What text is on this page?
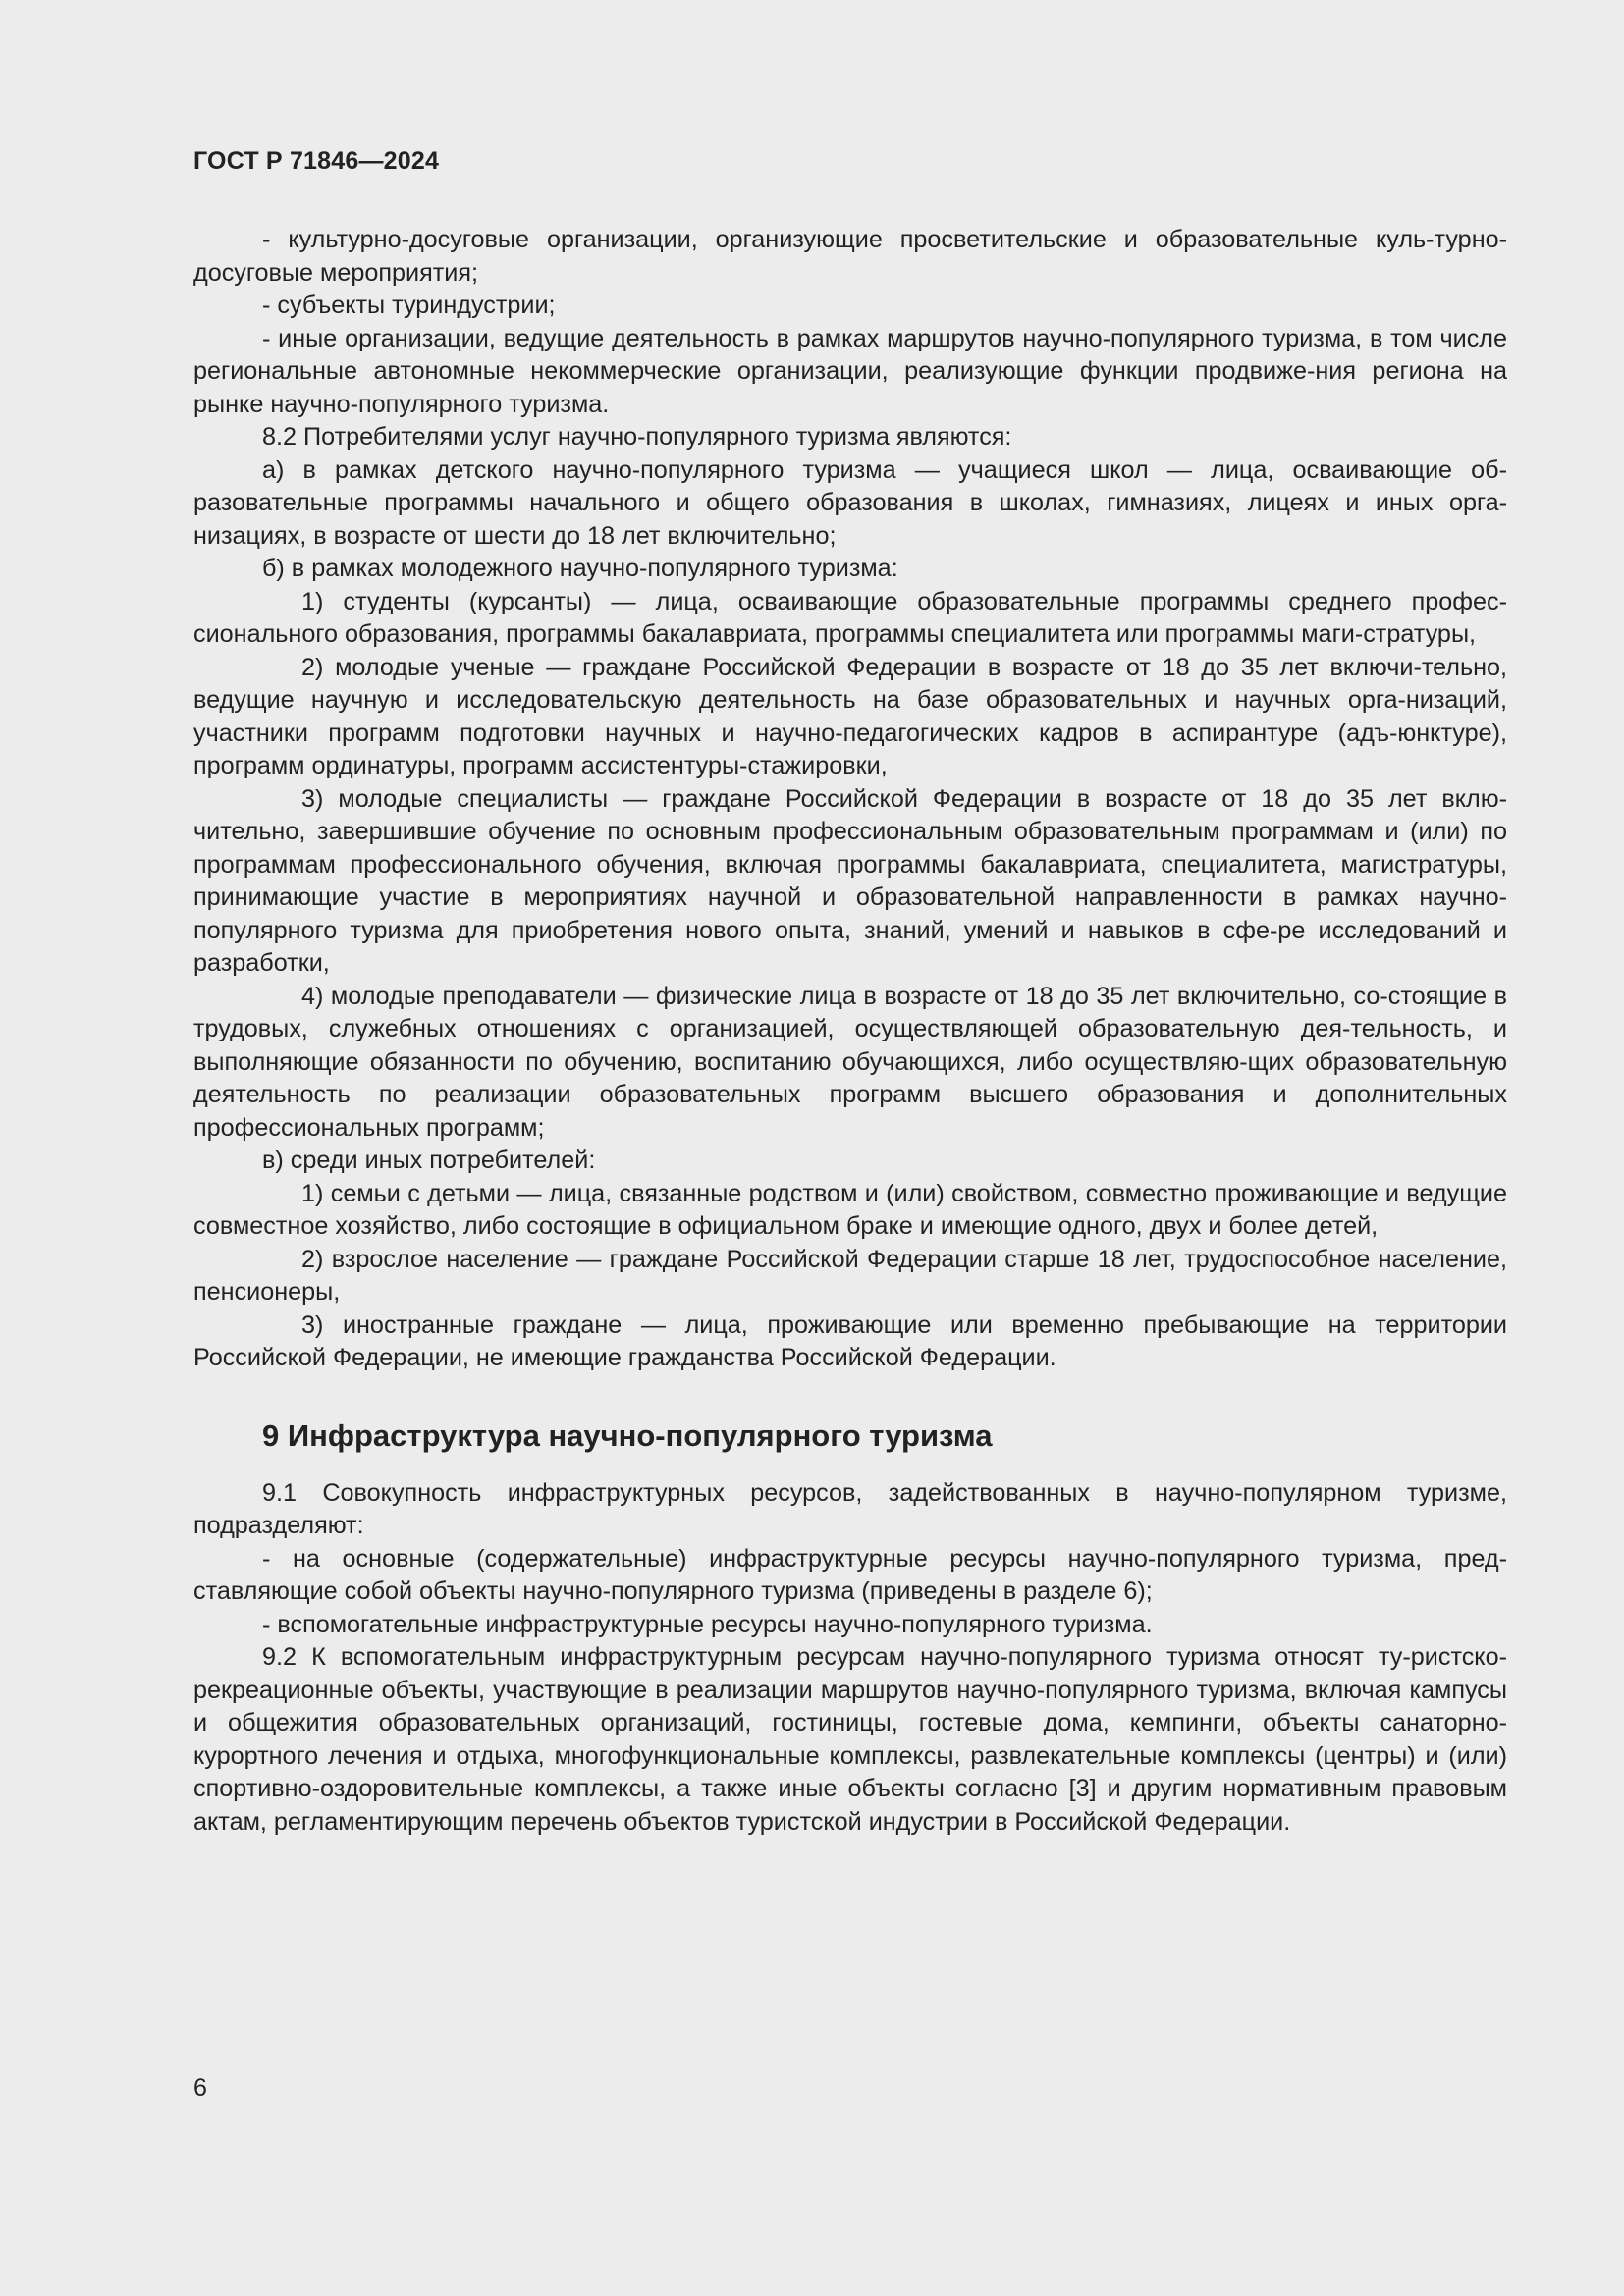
ГОСТ Р 71846—2024

- культурно-досуговые организации, организующие просветительские и образовательные куль-турно-досуговые мероприятия;

- субъекты туриндустрии;

- иные организации, ведущие деятельность в рамках маршрутов научно-популярного туризма, в том числе региональные автономные некоммерческие организации, реализующие функции продвиже-ния региона на рынке научно-популярного туризма.

8.2 Потребителями услуг научно-популярного туризма являются:

а) в рамках детского научно-популярного туризма — учащиеся школ — лица, осваивающие об-разовательные программы начального и общего образования в школах, гимназиях, лицеях и иных орга-низациях, в возрасте от шести до 18 лет включительно;

б) в рамках молодежного научно-популярного туризма:

1) студенты (курсанты) — лица, осваивающие образовательные программы среднего профес-сионального образования, программы бакалавриата, программы специалитета или программы маги-стратуры,

2) молодые ученые — граждане Российской Федерации в возрасте от 18 до 35 лет включи-тельно, ведущие научную и исследовательскую деятельность на базе образовательных и научных орга-низаций, участники программ подготовки научных и научно-педагогических кадров в аспирантуре (адъ-юнктуре), программ ординатуры, программ ассистентуры-стажировки,

3) молодые специалисты — граждане Российской Федерации в возрасте от 18 до 35 лет вклю-чительно, завершившие обучение по основным профессиональным образовательным программам и (или) по программам профессионального обучения, включая программы бакалавриата, специалитета, магистратуры, принимающие участие в мероприятиях научной и образовательной направленности в рамках научно-популярного туризма для приобретения нового опыта, знаний, умений и навыков в сфе-ре исследований и разработки,

4) молодые преподаватели — физические лица в возрасте от 18 до 35 лет включительно, со-стоящие в трудовых, служебных отношениях с организацией, осуществляющей образовательную дея-тельность, и выполняющие обязанности по обучению, воспитанию обучающихся, либо осуществляю-щих образовательную деятельность по реализации образовательных программ высшего образования и дополнительных профессиональных программ;

в) среди иных потребителей:

1) семьи с детьми — лица, связанные родством и (или) свойством, совместно проживающие и ведущие совместное хозяйство, либо состоящие в официальном браке и имеющие одного, двух и более детей,

2) взрослое население — граждане Российской Федерации старше 18 лет, трудоспособное население, пенсионеры,

3) иностранные граждане — лица, проживающие или временно пребывающие на территории Российской Федерации, не имеющие гражданства Российской Федерации.

9 Инфраструктура научно-популярного туризма

9.1 Совокупность инфраструктурных ресурсов, задействованных в научно-популярном туризме, подразделяют:

- на основные (содержательные) инфраструктурные ресурсы научно-популярного туризма, пред-ставляющие собой объекты научно-популярного туризма (приведены в разделе 6);

- вспомогательные инфраструктурные ресурсы научно-популярного туризма.

9.2 К вспомогательным инфраструктурным ресурсам научно-популярного туризма относят ту-ристско-рекреационные объекты, участвующие в реализации маршрутов научно-популярного туризма, включая кампусы и общежития образовательных организаций, гостиницы, гостевые дома, кемпинги, объекты санаторно-курортного лечения и отдыха, многофункциональные комплексы, развлекательные комплексы (центры) и (или) спортивно-оздоровительные комплексы, а также иные объекты согласно [3] и другим нормативным правовым актам, регламентирующим перечень объектов туристской индустрии в Российской Федерации.

6
